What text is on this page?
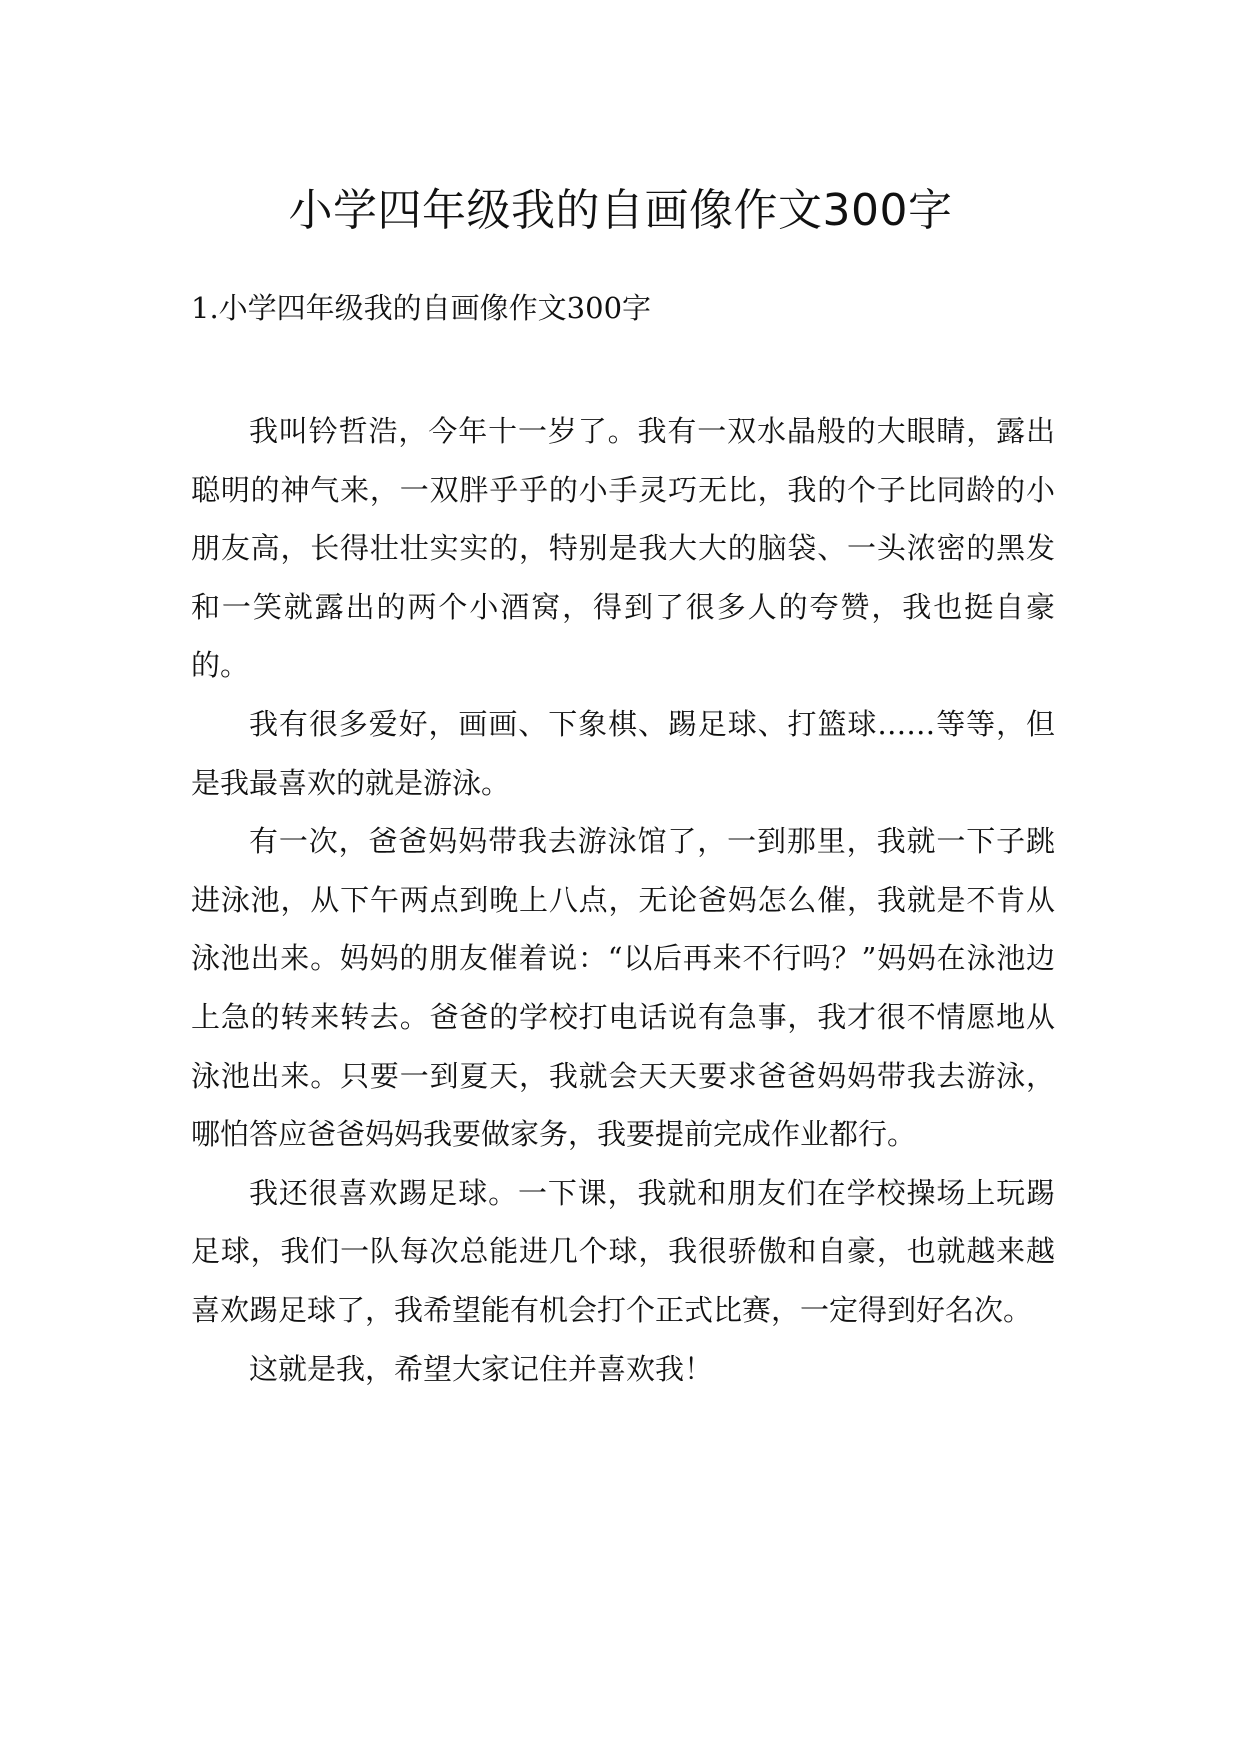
小学四年级我的自画像作文300字
1.小学四年级我的自画像作文300字

我叫钤哲浩，今年十一岁了。我有一双水晶般的大眼睛，露出聪明的神气来，一双胖乎乎的小手灵巧无比，我的个子比同龄的小朋友高，长得壮壮实实的，特别是我大大的脑袋、一头浓密的黑发和一笑就露出的两个小酒窝，得到了很多人的夸赞，我也挺自豪的。

我有很多爱好，画画、下象棋、踢足球、打篮球……等等，但是我最喜欢的就是游泳。

有一次，爸爸妈妈带我去游泳馆了，一到那里，我就一下子跳进泳池，从下午两点到晚上八点，无论爸妈怎么催，我就是不肯从泳池出来。妈妈的朋友催着说：“以后再来不行吗？”妈妈在泳池边上急的转来转去。爸爸的学校打电话说有急事，我才很不情愿地从泳池出来。只要一到夏天，我就会天天要求爸爸妈妈带我去游泳，哪怕答应爸爸妈妈我要做家务，我要提前完成作业都行。

我还很喜欢踢足球。一下课，我就和朋友们在学校操场上玩踢足球，我们一队每次总能进几个球，我很骄傲和自豪，也就越来越喜欢踢足球了，我希望能有机会打个正式比赛，一定得到好名次。

这就是我，希望大家记住并喜欢我！
